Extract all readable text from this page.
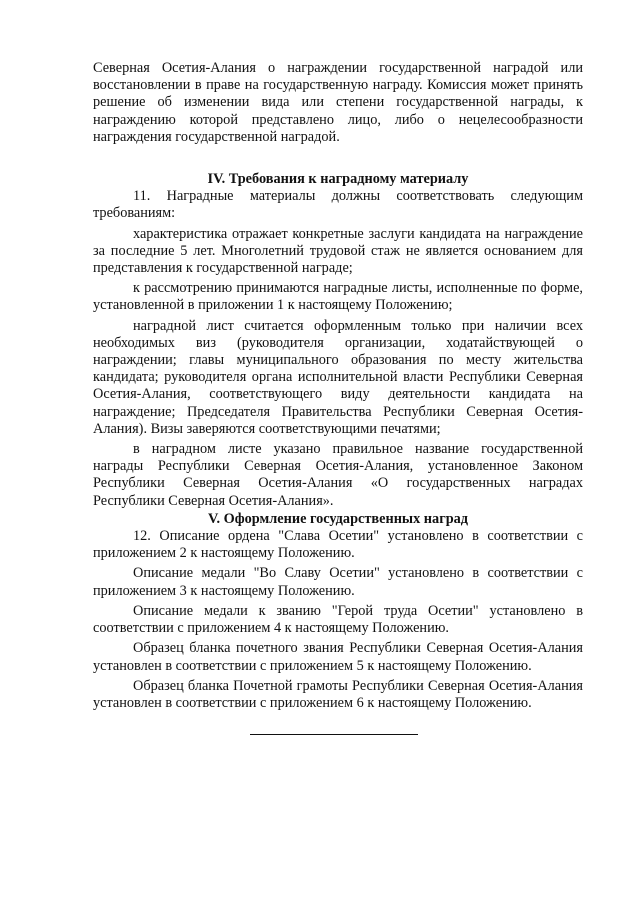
Северная Осетия-Алания о награждении государственной наградой или восстановлении в праве на государственную награду. Комиссия может принять решение об изменении вида или степени государственной награды, к награждению которой представлено лицо, либо о нецелесообразности награждения государственной наградой.

IV. Требования к наградному материалу

11. Наградные материалы должны соответствовать следующим требованиям:

характеристика отражает конкретные заслуги кандидата на награждение за последние 5 лет. Многолетний трудовой стаж не является основанием для представления к государственной награде;

к рассмотрению принимаются наградные листы, исполненные по форме, установленной в приложении 1 к настоящему Положению;

наградной лист считается оформленным только при наличии всех необходимых виз (руководителя организации, ходатайствующей о награждении; главы муниципального образования по месту жительства кандидата; руководителя органа исполнительной власти Республики Северная Осетия-Алания, соответствующего виду деятельности кандидата на награждение; Председателя Правительства Республики Северная Осетия-Алания). Визы заверяются соответствующими печатями;

в наградном листе указано правильное название государственной награды Республики Северная Осетия-Алания, установленное Законом Республики Северная Осетия-Алания «О государственных наградах Республики Северная Осетия-Алания».

V. Оформление государственных наград

12. Описание ордена "Слава Осетии" установлено в соответствии с приложением 2 к настоящему Положению.

Описание медали "Во Славу Осетии" установлено в соответствии с приложением 3 к настоящему Положению.

Описание медали к званию "Герой труда Осетии" установлено в соответствии с приложением 4 к настоящему Положению.

Образец бланка почетного звания Республики Северная Осетия-Алания установлен в соответствии с приложением 5 к настоящему Положению.

Образец бланка Почетной грамоты Республики Северная Осетия-Алания установлен в соответствии с приложением 6 к настоящему Положению.
